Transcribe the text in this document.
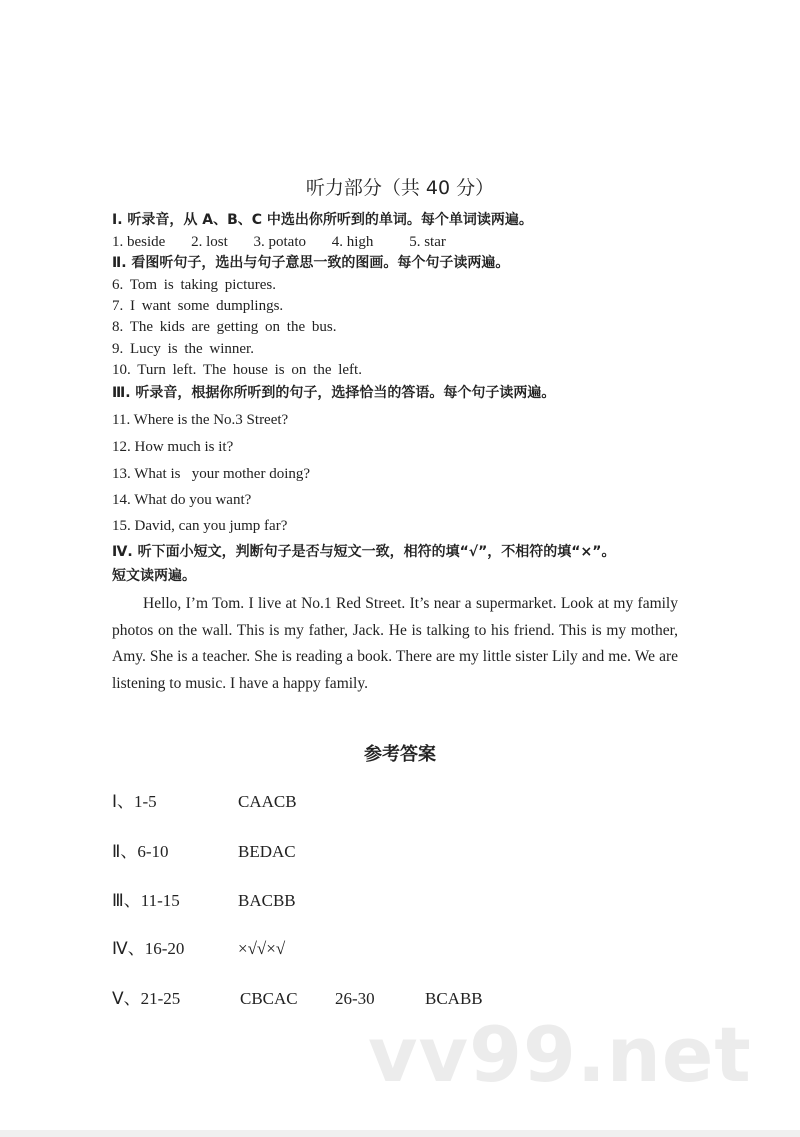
听力部分（共 40 分）
Ⅰ. 听录音，从 A、B、C 中选出你所听到的单词。每个单词读两遍。
1. beside 2. lost 3. potato 4. high 5. star
Ⅱ. 看图听句子，选出与句子意思一致的图画。每个句子读两遍。
6. Tom is taking pictures.
7. I want some dumplings.
8. The kids are getting on the bus.
9. Lucy is the winner.
10. Turn left. The house is on the left.
Ⅲ. 听录音，根据你所听到的句子，选择恰当的答语。每个句子读两遍。
11. Where is the No.3 Street?
12. How much is it?
13. What is   your mother doing?
14. What do you want?
15. David, can you jump far?
Ⅳ. 听下面小短文，判断句子是否与短文一致，相符的填“√”，不相符的填“×”。
短文读两遍。
Hello, I’m Tom. I live at No.1 Red Street. It’s near a supermarket. Look at my family photos on the wall. This is my father, Jack. He is talking to his friend. This is my mother, Amy. She is a teacher. She is reading a book. There are my little sister Lily and me. We are listening to music. I have a happy family.
参考答案
Ⅰ、1-5	CAACB
Ⅱ、6-10	BEDAC
Ⅲ、11-15	BACBB
Ⅳ、16-20	×√√×√
Ⅴ、21-25	CBCAC 26-30	BCABB
vv99.net
